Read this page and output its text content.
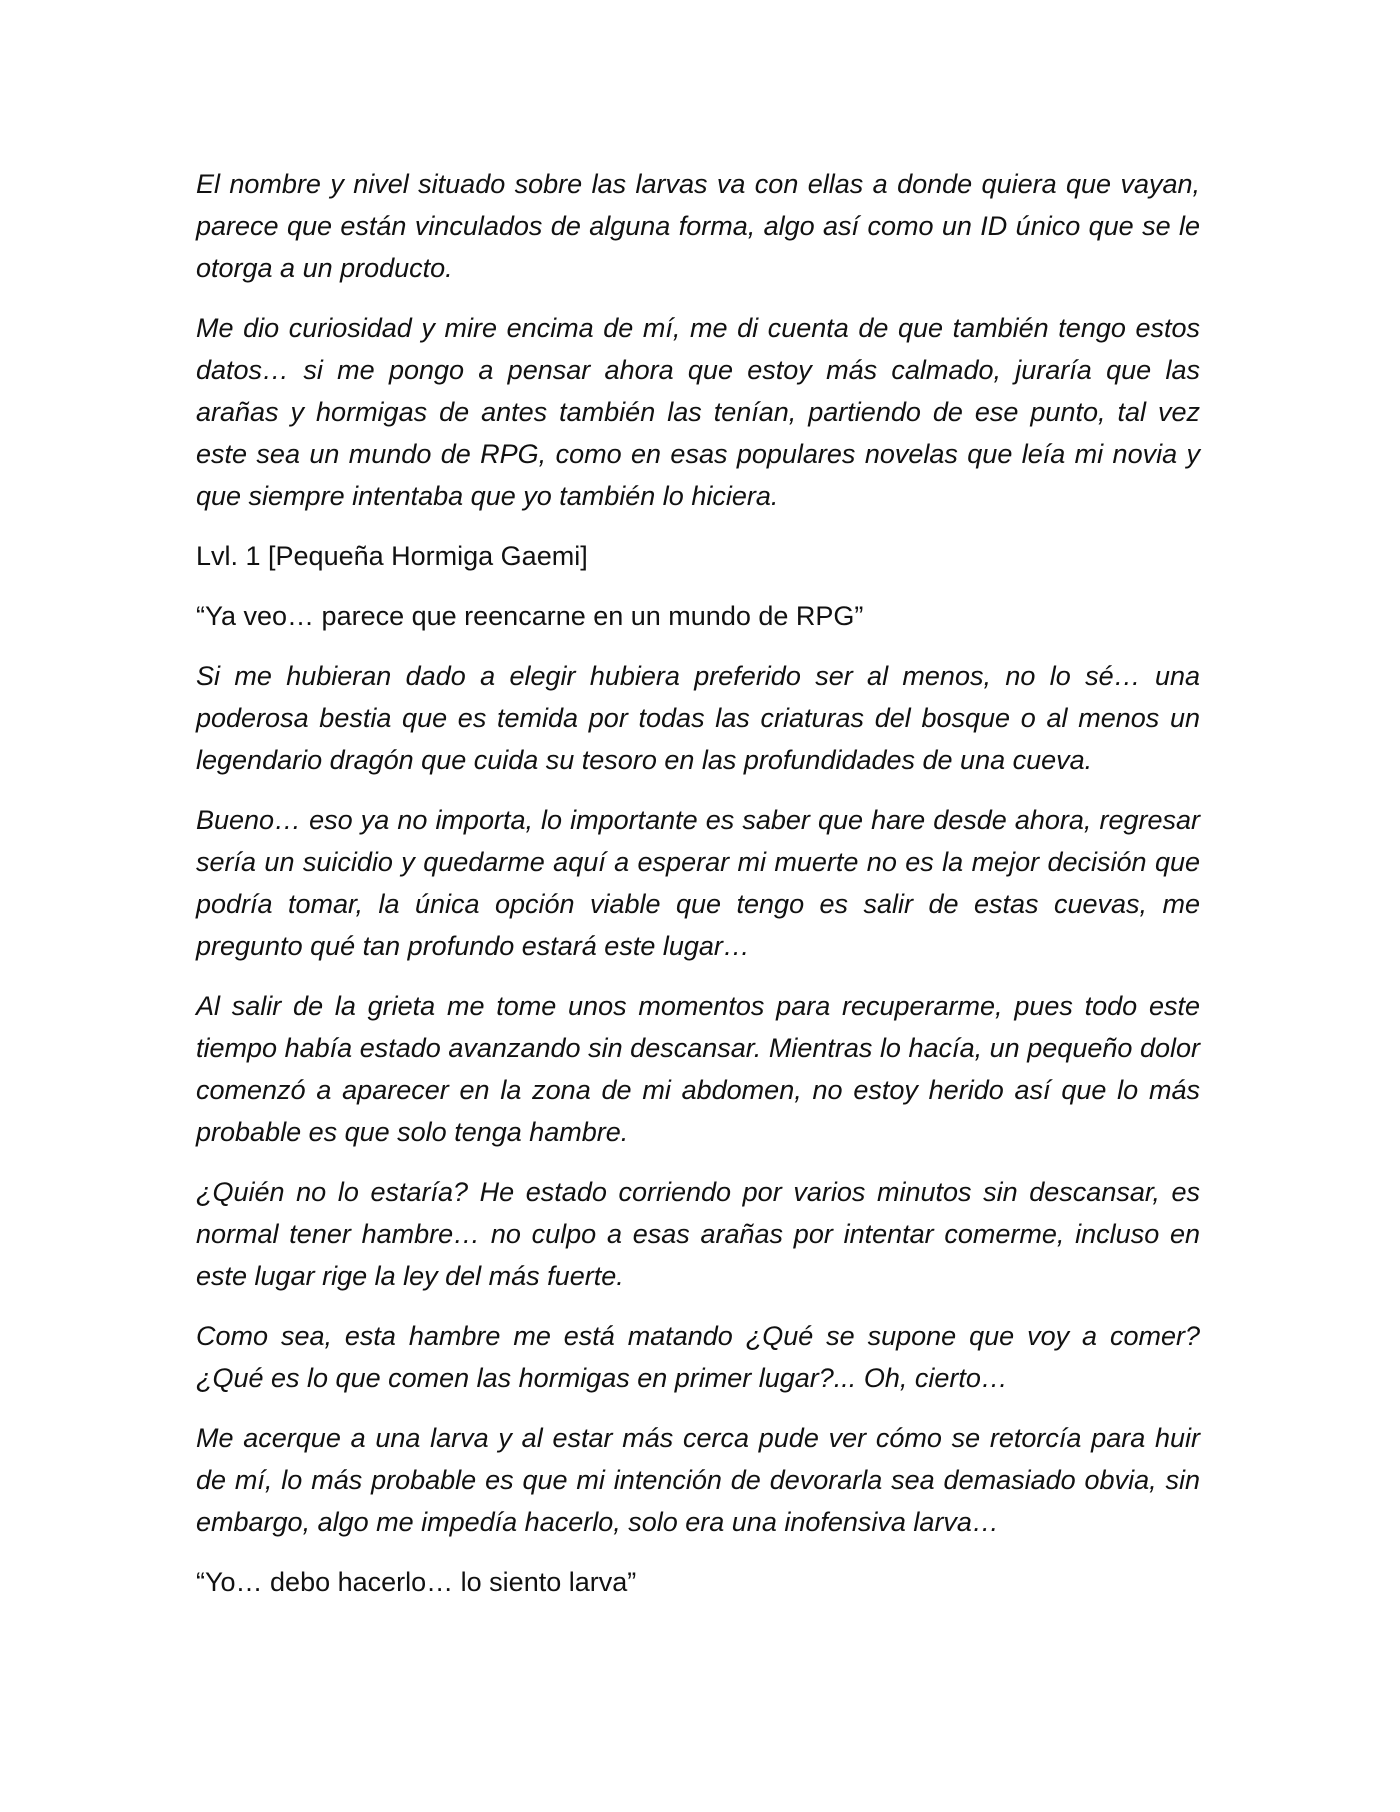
El nombre y nivel situado sobre las larvas va con ellas a donde quiera que vayan, parece que están vinculados de alguna forma, algo así como un ID único que se le otorga a un producto.

Me dio curiosidad y mire encima de mí, me di cuenta de que también tengo estos datos… si me pongo a pensar ahora que estoy más calmado, juraría que las arañas y hormigas de antes también las tenían, partiendo de ese punto, tal vez este sea un mundo de RPG, como en esas populares novelas que leía mi novia y que siempre intentaba que yo también lo hiciera.

Lvl. 1 [Pequeña Hormiga Gaemi]

“Ya veo… parece que reencarne en un mundo de RPG”

Si me hubieran dado a elegir hubiera preferido ser al menos, no lo sé… una poderosa bestia que es temida por todas las criaturas del bosque o al menos un legendario dragón que cuida su tesoro en las profundidades de una cueva.

Bueno… eso ya no importa, lo importante es saber que hare desde ahora, regresar sería un suicidio y quedarme aquí a esperar mi muerte no es la mejor decisión que podría tomar, la única opción viable que tengo es salir de estas cuevas, me pregunto qué tan profundo estará este lugar…

Al salir de la grieta me tome unos momentos para recuperarme, pues todo este tiempo había estado avanzando sin descansar. Mientras lo hacía, un pequeño dolor comenzó a aparecer en la zona de mi abdomen, no estoy herido así que lo más probable es que solo tenga hambre.

¿Quién no lo estaría? He estado corriendo por varios minutos sin descansar, es normal tener hambre… no culpo a esas arañas por intentar comerme, incluso en este lugar rige la ley del más fuerte.

Como sea, esta hambre me está matando ¿Qué se supone que voy a comer? ¿Qué es lo que comen las hormigas en primer lugar?... Oh, cierto…

Me acerque a una larva y al estar más cerca pude ver cómo se retorcía para huir de mí, lo más probable es que mi intención de devorarla sea demasiado obvia, sin embargo, algo me impedía hacerlo, solo era una inofensiva larva…

“Yo… debo hacerlo… lo siento larva”
